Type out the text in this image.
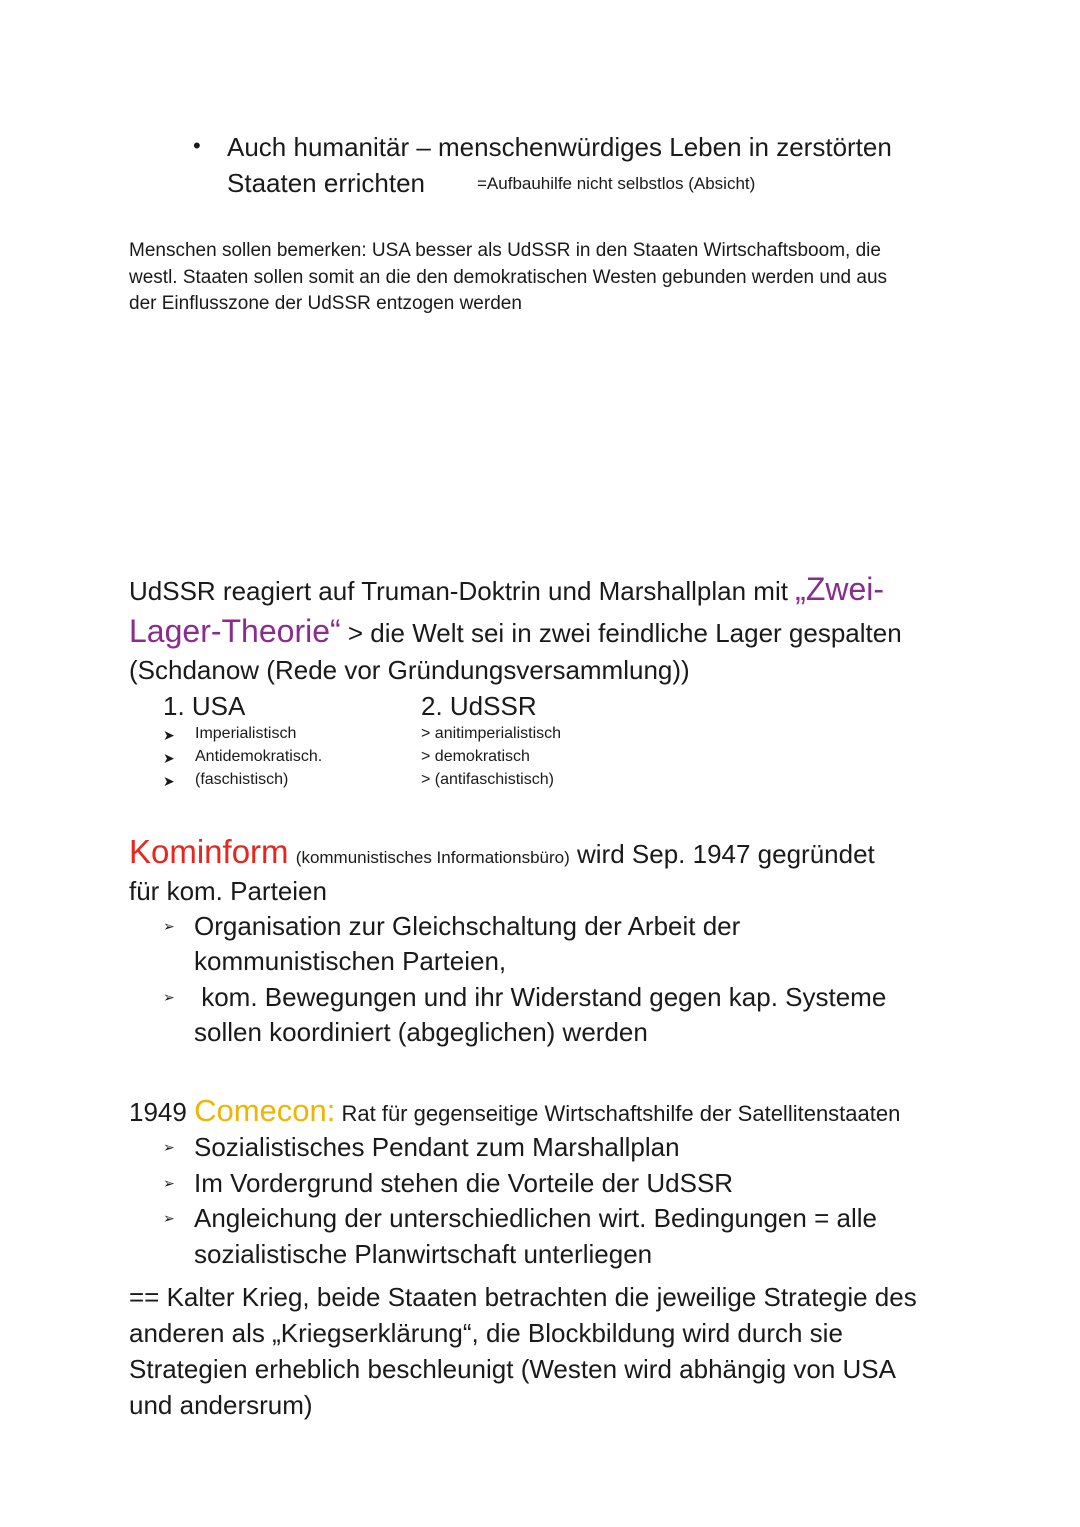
• Auch humanitär – menschenwürdiges Leben in zerstörten
Staaten errichten	=Aufbauhilfe nicht selbstlos (Absicht)
Menschen sollen bemerken: USA besser als UdSSR in den Staaten Wirtschaftsboom, die
westl. Staaten sollen somit an die den demokratischen Westen gebunden werden und aus
der Einflusszone der UdSSR entzogen werden
UdSSR reagiert auf Truman-Doktrin und Marshallplan mit „Zwei-
Lager-Theorie“ > die Welt sei in zwei feindliche Lager gespalten
(Schdanow (Rede vor Gründungsversammlung))
1. USA	2. UdSSR
➤ Imperialistisch
➤ Antidemokratisch.
➤ (faschistisch)
> anitimperialistisch
> demokratisch
> (antifaschistisch)
Kominform (kommunistisches Informationsbüro) wird Sep. 1947 gegründet
für kom. Parteien
➢ Organisation zur Gleichschaltung der Arbeit der
kommunistischen Parteien,
➢ kom. Bewegungen und ihr Widerstand gegen kap. Systeme
sollen koordiniert (abgeglichen) werden
1949 Comecon: Rat für gegenseitige Wirtschaftshilfe der Satellitenstaaten
➢ Sozialistisches Pendant zum Marshallplan
➢ Im Vordergrund stehen die Vorteile der UdSSR
➢ Angleichung der unterschiedlichen wirt. Bedingungen = alle
sozialistische Planwirtschaft unterliegen
== Kalter Krieg, beide Staaten betrachten die jeweilige Strategie des
anderen als „Kriegserklärung“, die Blockbildung wird durch sie
Strategien erheblich beschleunigt (Westen wird abhängig von USA
und andersrum)
